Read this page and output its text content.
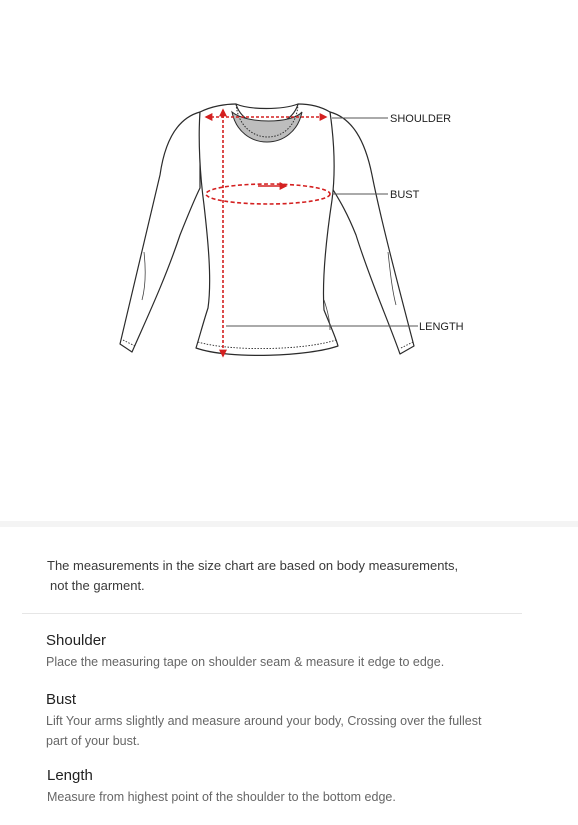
SHOULDER
BUST
LENGTH
The measurements in the size chart are based on body measurements,
not the garment.
Shoulder
Place the measuring tape on shoulder seam & measure it edge to edge.
Bust
Lift Your arms slightly and measure around your body, Crossing over the fullest
part of your bust.
Length
Measure from highest point of the shoulder to the bottom edge.
